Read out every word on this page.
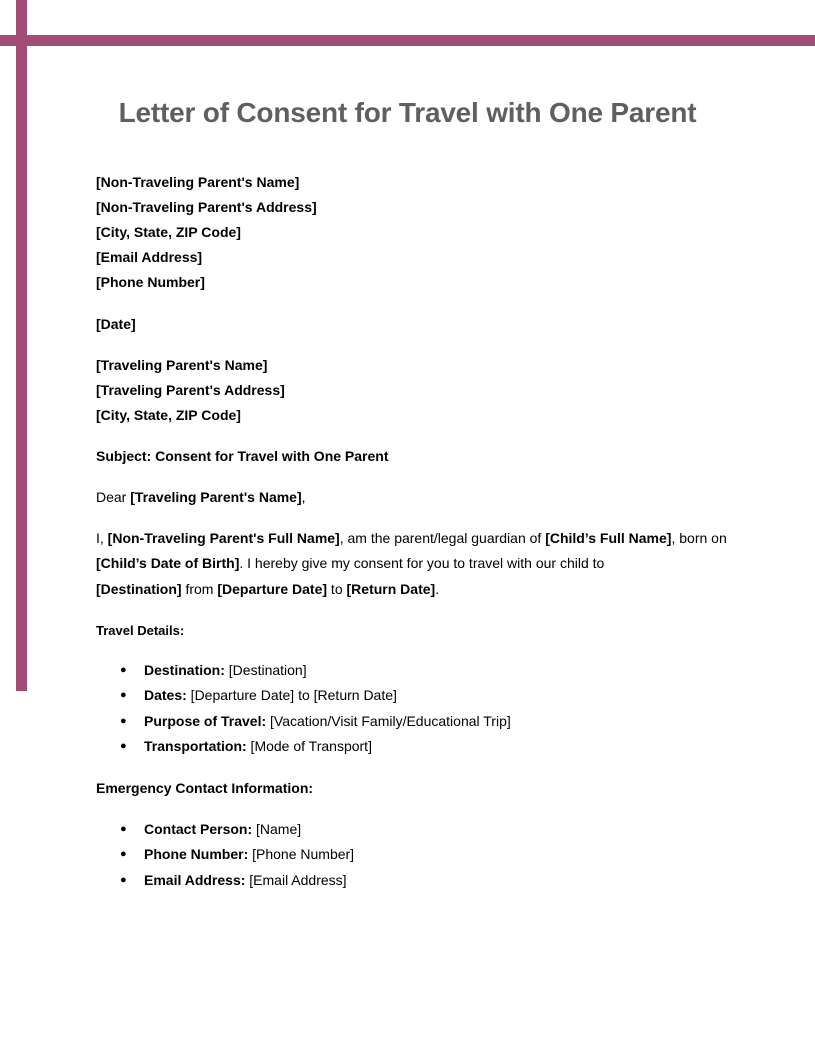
Letter of Consent for Travel with One Parent
[Non-Traveling Parent's Name]
[Non-Traveling Parent's Address]
[City, State, ZIP Code]
[Email Address]
[Phone Number]
[Date]
[Traveling Parent's Name]
[Traveling Parent's Address]
[City, State, ZIP Code]
Subject: Consent for Travel with One Parent
Dear [Traveling Parent's Name],

I, [Non-Traveling Parent's Full Name], am the parent/legal guardian of [Child’s Full Name], born on [Child’s Date of Birth]. I hereby give my consent for you to travel with our child to
[Destination] from [Departure Date] to [Return Date].

Travel Details:
● Destination: [Destination]
● Dates: [Departure Date] to [Return Date]
● Purpose of Travel: [Vacation/Visit Family/Educational Trip]
● Transportation: [Mode of Transport]
Emergency Contact Information:
● Contact Person: [Name]
● Phone Number: [Phone Number]
● Email Address: [Email Address]
